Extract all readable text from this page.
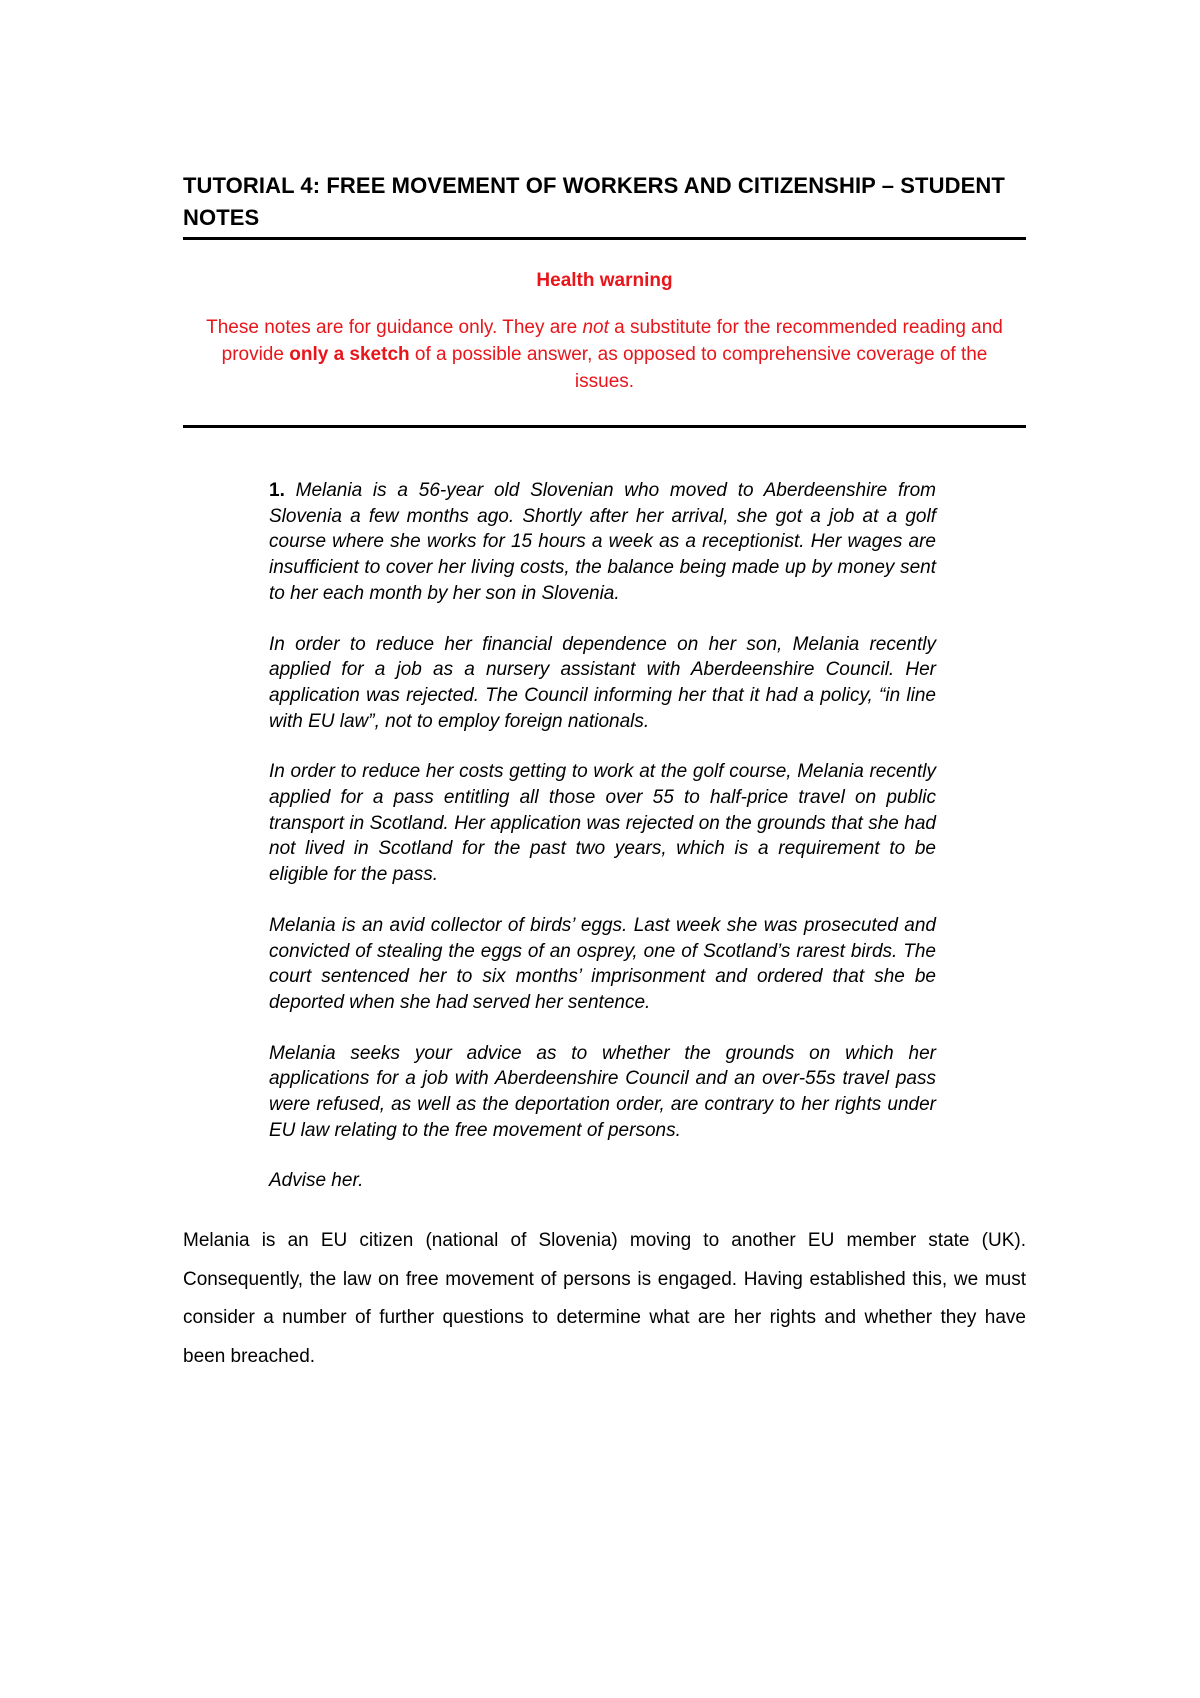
TUTORIAL 4: FREE MOVEMENT OF WORKERS AND CITIZENSHIP – STUDENT NOTES
Health warning
These notes are for guidance only. They are not a substitute for the recommended reading and provide only a sketch of a possible answer, as opposed to comprehensive coverage of the issues.

1. Melania is a 56-year old Slovenian who moved to Aberdeenshire from Slovenia a few months ago. Shortly after her arrival, she got a job at a golf course where she works for 15 hours a week as a receptionist. Her wages are insufficient to cover her living costs, the balance being made up by money sent to her each month by her son in Slovenia.

In order to reduce her financial dependence on her son, Melania recently applied for a job as a nursery assistant with Aberdeenshire Council. Her application was rejected. The Council informing her that it had a policy, “in line with EU law”, not to employ foreign nationals.

In order to reduce her costs getting to work at the golf course, Melania recently applied for a pass entitling all those over 55 to half-price travel on public transport in Scotland. Her application was rejected on the grounds that she had not lived in Scotland for the past two years, which is a requirement to be eligible for the pass.

Melania is an avid collector of birds’ eggs. Last week she was prosecuted and convicted of stealing the eggs of an osprey, one of Scotland’s rarest birds. The court sentenced her to six months’ imprisonment and ordered that she be deported when she had served her sentence.

Melania seeks your advice as to whether the grounds on which her applications for a job with Aberdeenshire Council and an over-55s travel pass were refused, as well as the deportation order, are contrary to her rights under EU law relating to the free movement of persons.

Advise her.

Melania is an EU citizen (national of Slovenia) moving to another EU member state (UK). Consequently, the law on free movement of persons is engaged. Having established this, we must consider a number of further questions to determine what are her rights and whether they have been breached.
